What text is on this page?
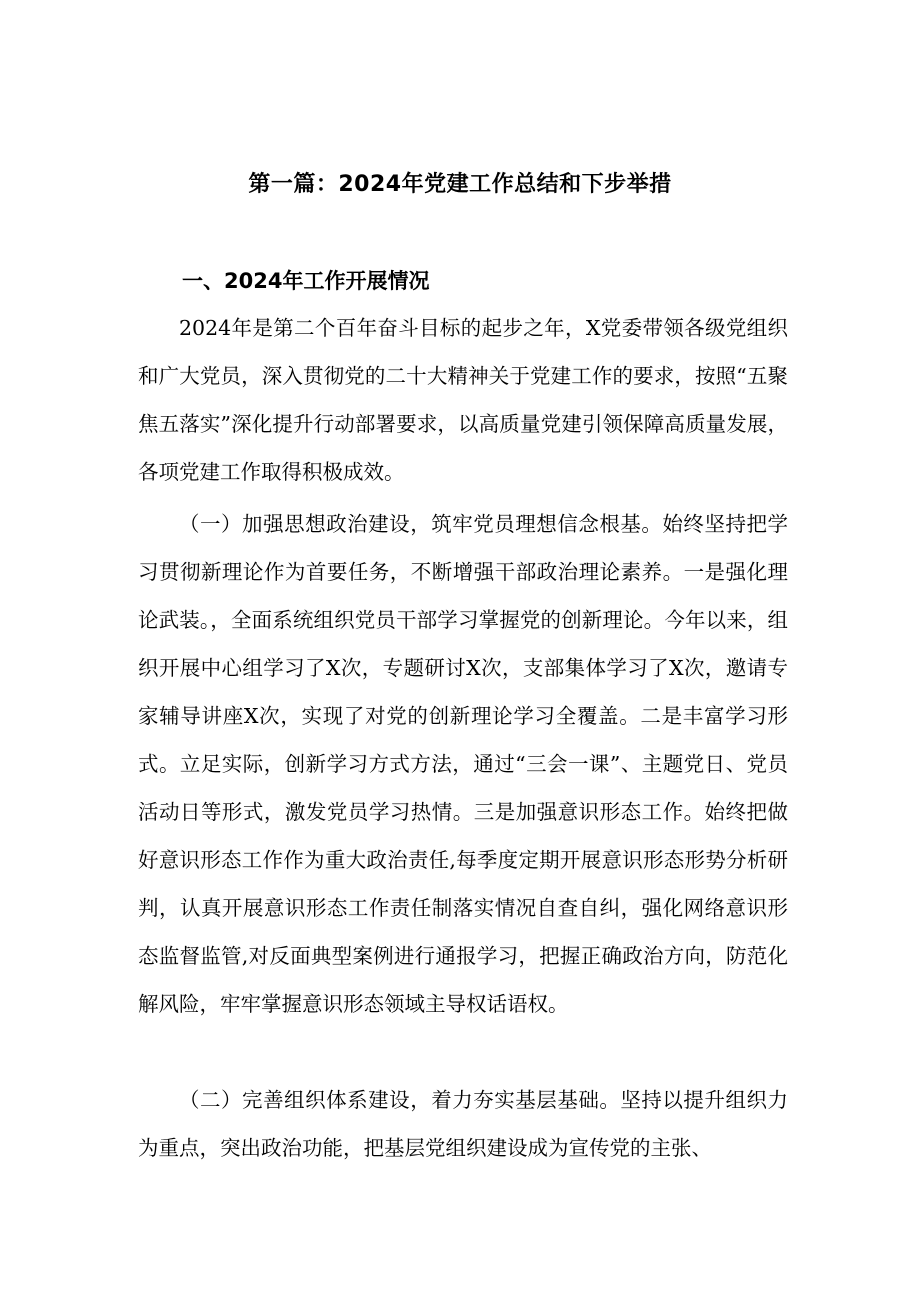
第一篇：2024年党建工作总结和下步举措
一、2024年工作开展情况

2024年是第二个百年奋斗目标的起步之年，X党委带领各级党组织和广大党员，深入贯彻党的二十大精神关于党建工作的要求，按照“五聚焦五落实”深化提升行动部署要求，以高质量党建引领保障高质量发展，各项党建工作取得积极成效。

（一）加强思想政治建设，筑牢党员理想信念根基。始终坚持把学习贯彻新理论作为首要任务，不断增强干部政治理论素养。一是强化理论武装。，全面系统组织党员干部学习掌握党的创新理论。今年以来，组织开展中心组学习了X次，专题研讨X次，支部集体学习了X次，邀请专家辅导讲座X次，实现了对党的创新理论学习全覆盖。二是丰富学习形式。立足实际，创新学习方式方法，通过“三会一课”、主题党日、党员活动日等形式，激发党员学习热情。三是加强意识形态工作。始终把做好意识形态工作作为重大政治责任,每季度定期开展意识形态形势分析研判，认真开展意识形态工作责任制落实情况自查自纠，强化网络意识形态监督监管,对反面典型案例进行通报学习，把握正确政治方向，防范化解风险，牢牢掌握意识形态领域主导权话语权。

（二）完善组织体系建设，着力夯实基层基础。坚持以提升组织力为重点，突出政治功能，把基层党组织建设成为宣传党的主张、
